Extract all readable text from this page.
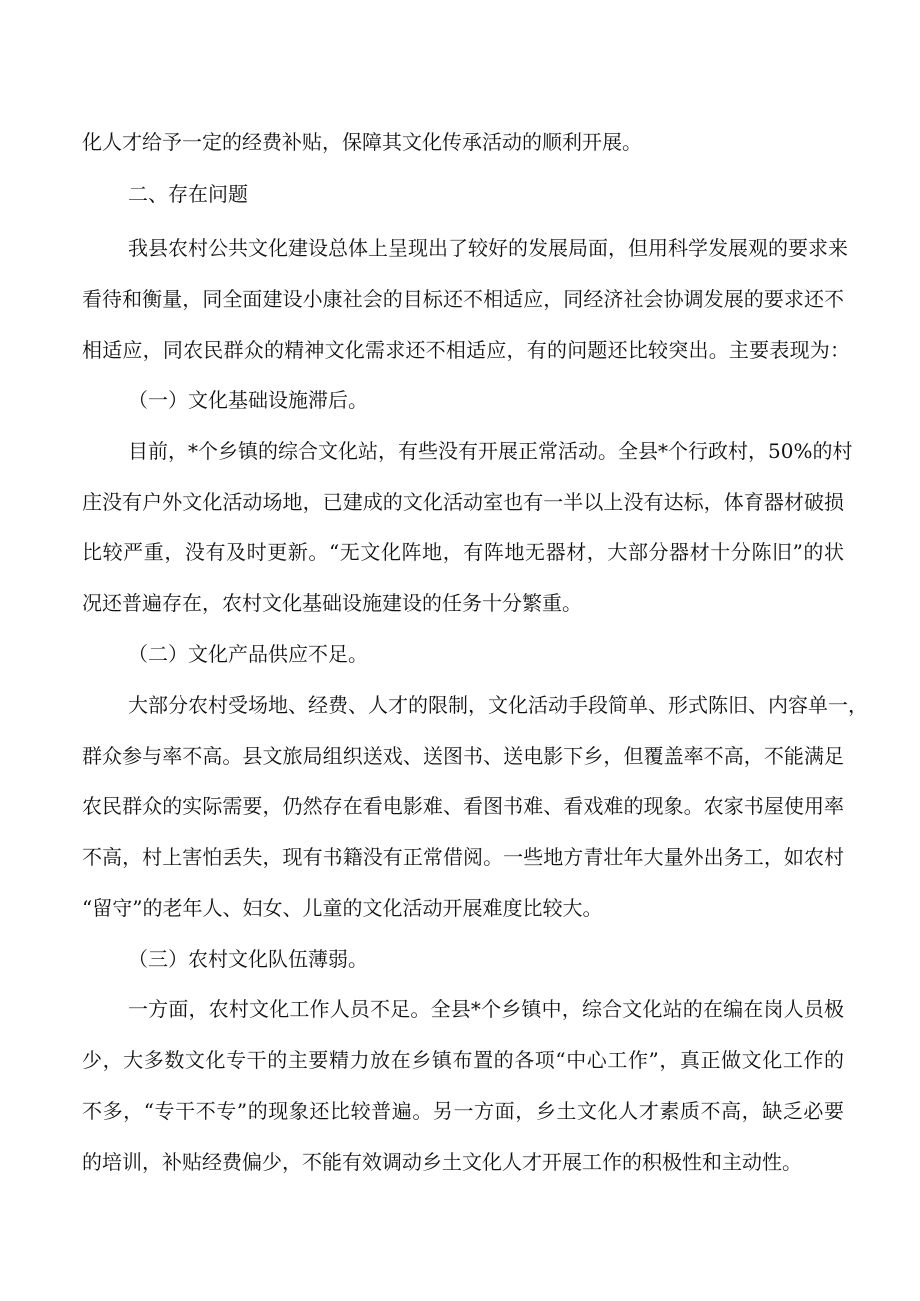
化人才给予一定的经费补贴，保障其文化传承活动的顺利开展。

二、存在问题

我县农村公共文化建设总体上呈现出了较好的发展局面，但用科学发展观的要求来

看待和衡量，同全面建设小康社会的目标还不相适应，同经济社会协调发展的要求还不

相适应，同农民群众的精神文化需求还不相适应，有的问题还比较突出。主要表现为：

（一）文化基础设施滞后。

目前，*个乡镇的综合文化站，有些没有开展正常活动。全县*个行政村，50%的村

庄没有户外文化活动场地，已建成的文化活动室也有一半以上没有达标，体育器材破损

比较严重，没有及时更新。“无文化阵地，有阵地无器材，大部分器材十分陈旧”的状

况还普遍存在，农村文化基础设施建设的任务十分繁重。

（二）文化产品供应不足。

大部分农村受场地、经费、人才的限制，文化活动手段简单、形式陈旧、内容单一，

群众参与率不高。县文旅局组织送戏、送图书、送电影下乡，但覆盖率不高，不能满足

农民群众的实际需要，仍然存在看电影难、看图书难、看戏难的现象。农家书屋使用率

不高，村上害怕丢失，现有书籍没有正常借阅。一些地方青壮年大量外出务工，如农村

“留守”的老年人、妇女、儿童的文化活动开展难度比较大。

（三）农村文化队伍薄弱。

一方面，农村文化工作人员不足。全县*个乡镇中，综合文化站的在编在岗人员极

少，大多数文化专干的主要精力放在乡镇布置的各项“中心工作”，真正做文化工作的

不多，“专干不专”的现象还比较普遍。另一方面，乡土文化人才素质不高，缺乏必要

的培训，补贴经费偏少，不能有效调动乡土文化人才开展工作的积极性和主动性。
